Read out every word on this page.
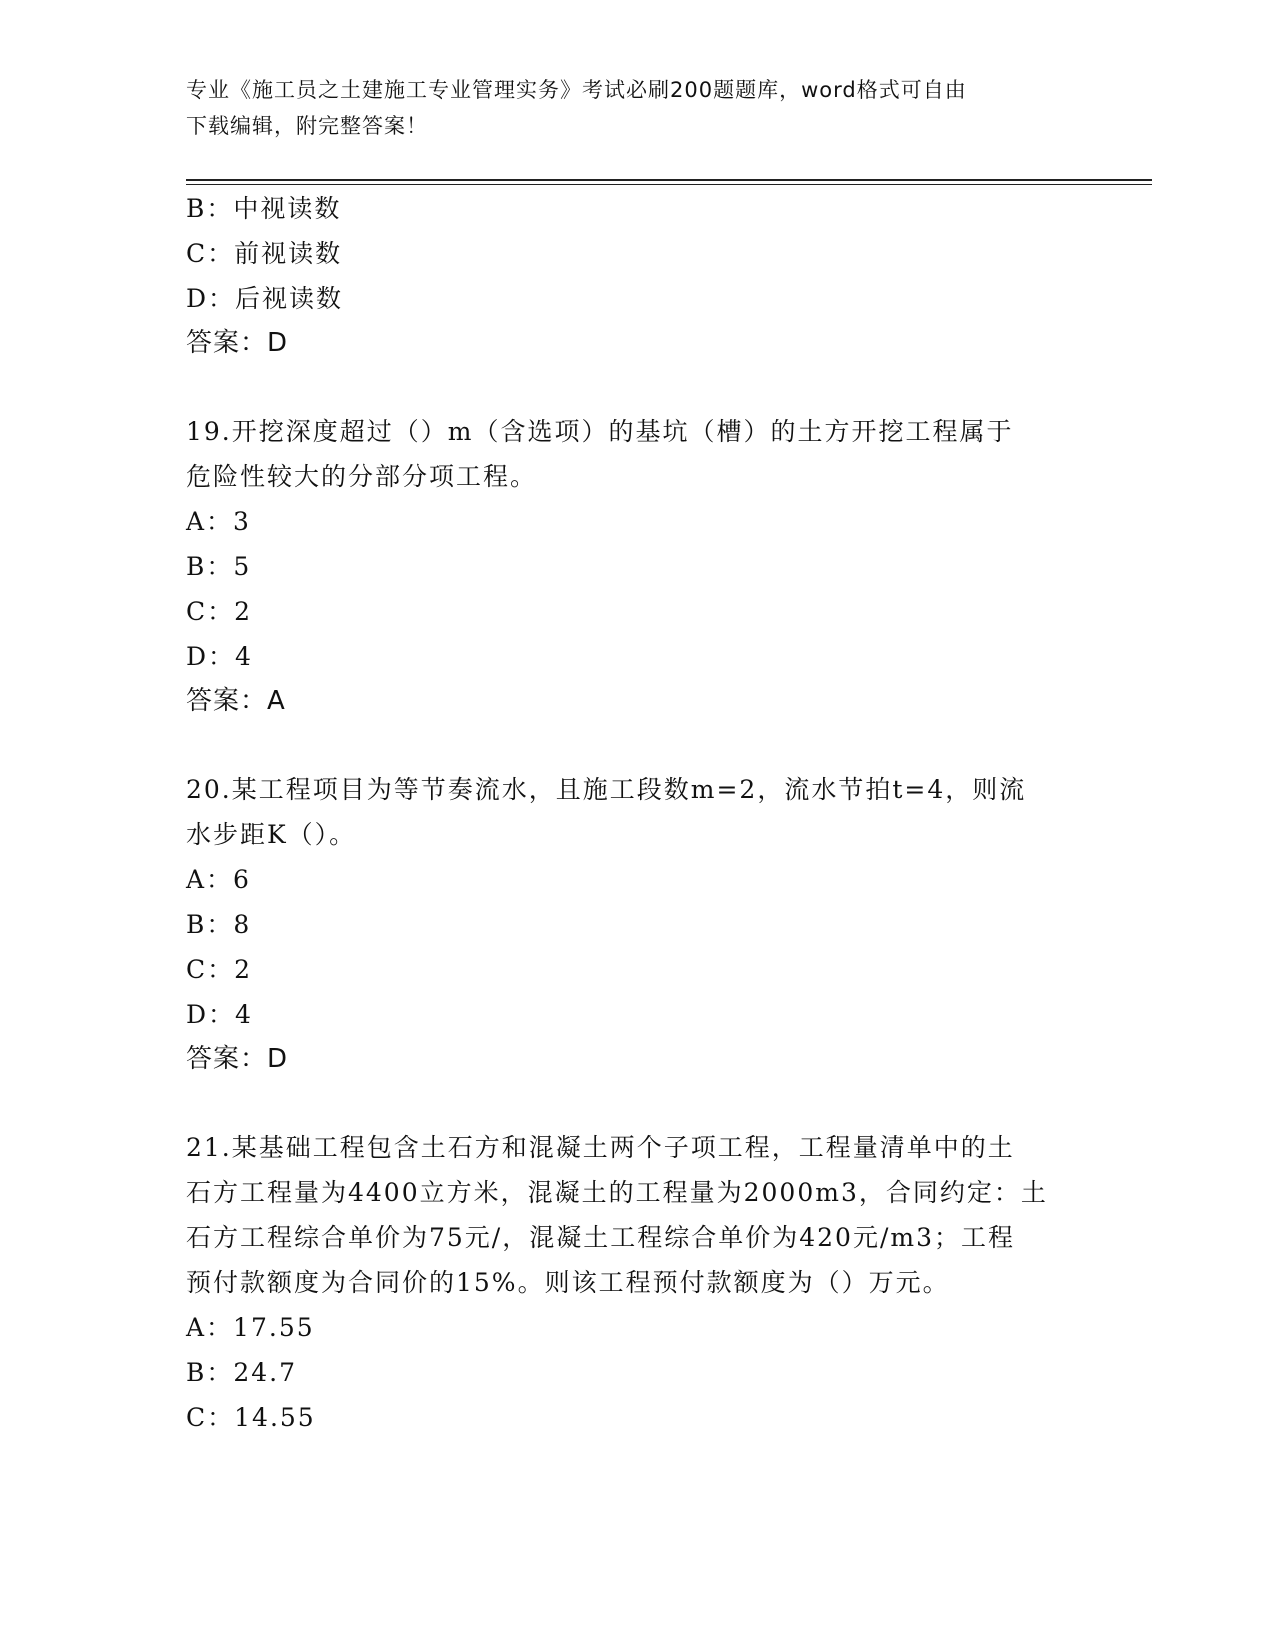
专业《施工员之土建施工专业管理实务》考试必刷200题题库，word格式可自由
下载编辑，附完整答案！
B：中视读数
C：前视读数
D：后视读数
答案：D
19.开挖深度超过（）m（含选项）的基坑（槽）的土方开挖工程属于
危险性较大的分部分项工程。
A：3
B：5
C：2
D：4
答案：A
20.某工程项目为等节奏流水，且施工段数m=2，流水节拍t=4，则流
水步距K（）。
A：6
B：8
C：2
D：4
答案：D
21.某基础工程包含土石方和混凝土两个子项工程，工程量清单中的土
石方工程量为4400立方米，混凝土的工程量为2000m3，合同约定：土
石方工程综合单价为75元/，混凝土工程综合单价为420元/m3；工程
预付款额度为合同价的15%。则该工程预付款额度为（）万元。
A：17.55
B：24.7
C：14.55
